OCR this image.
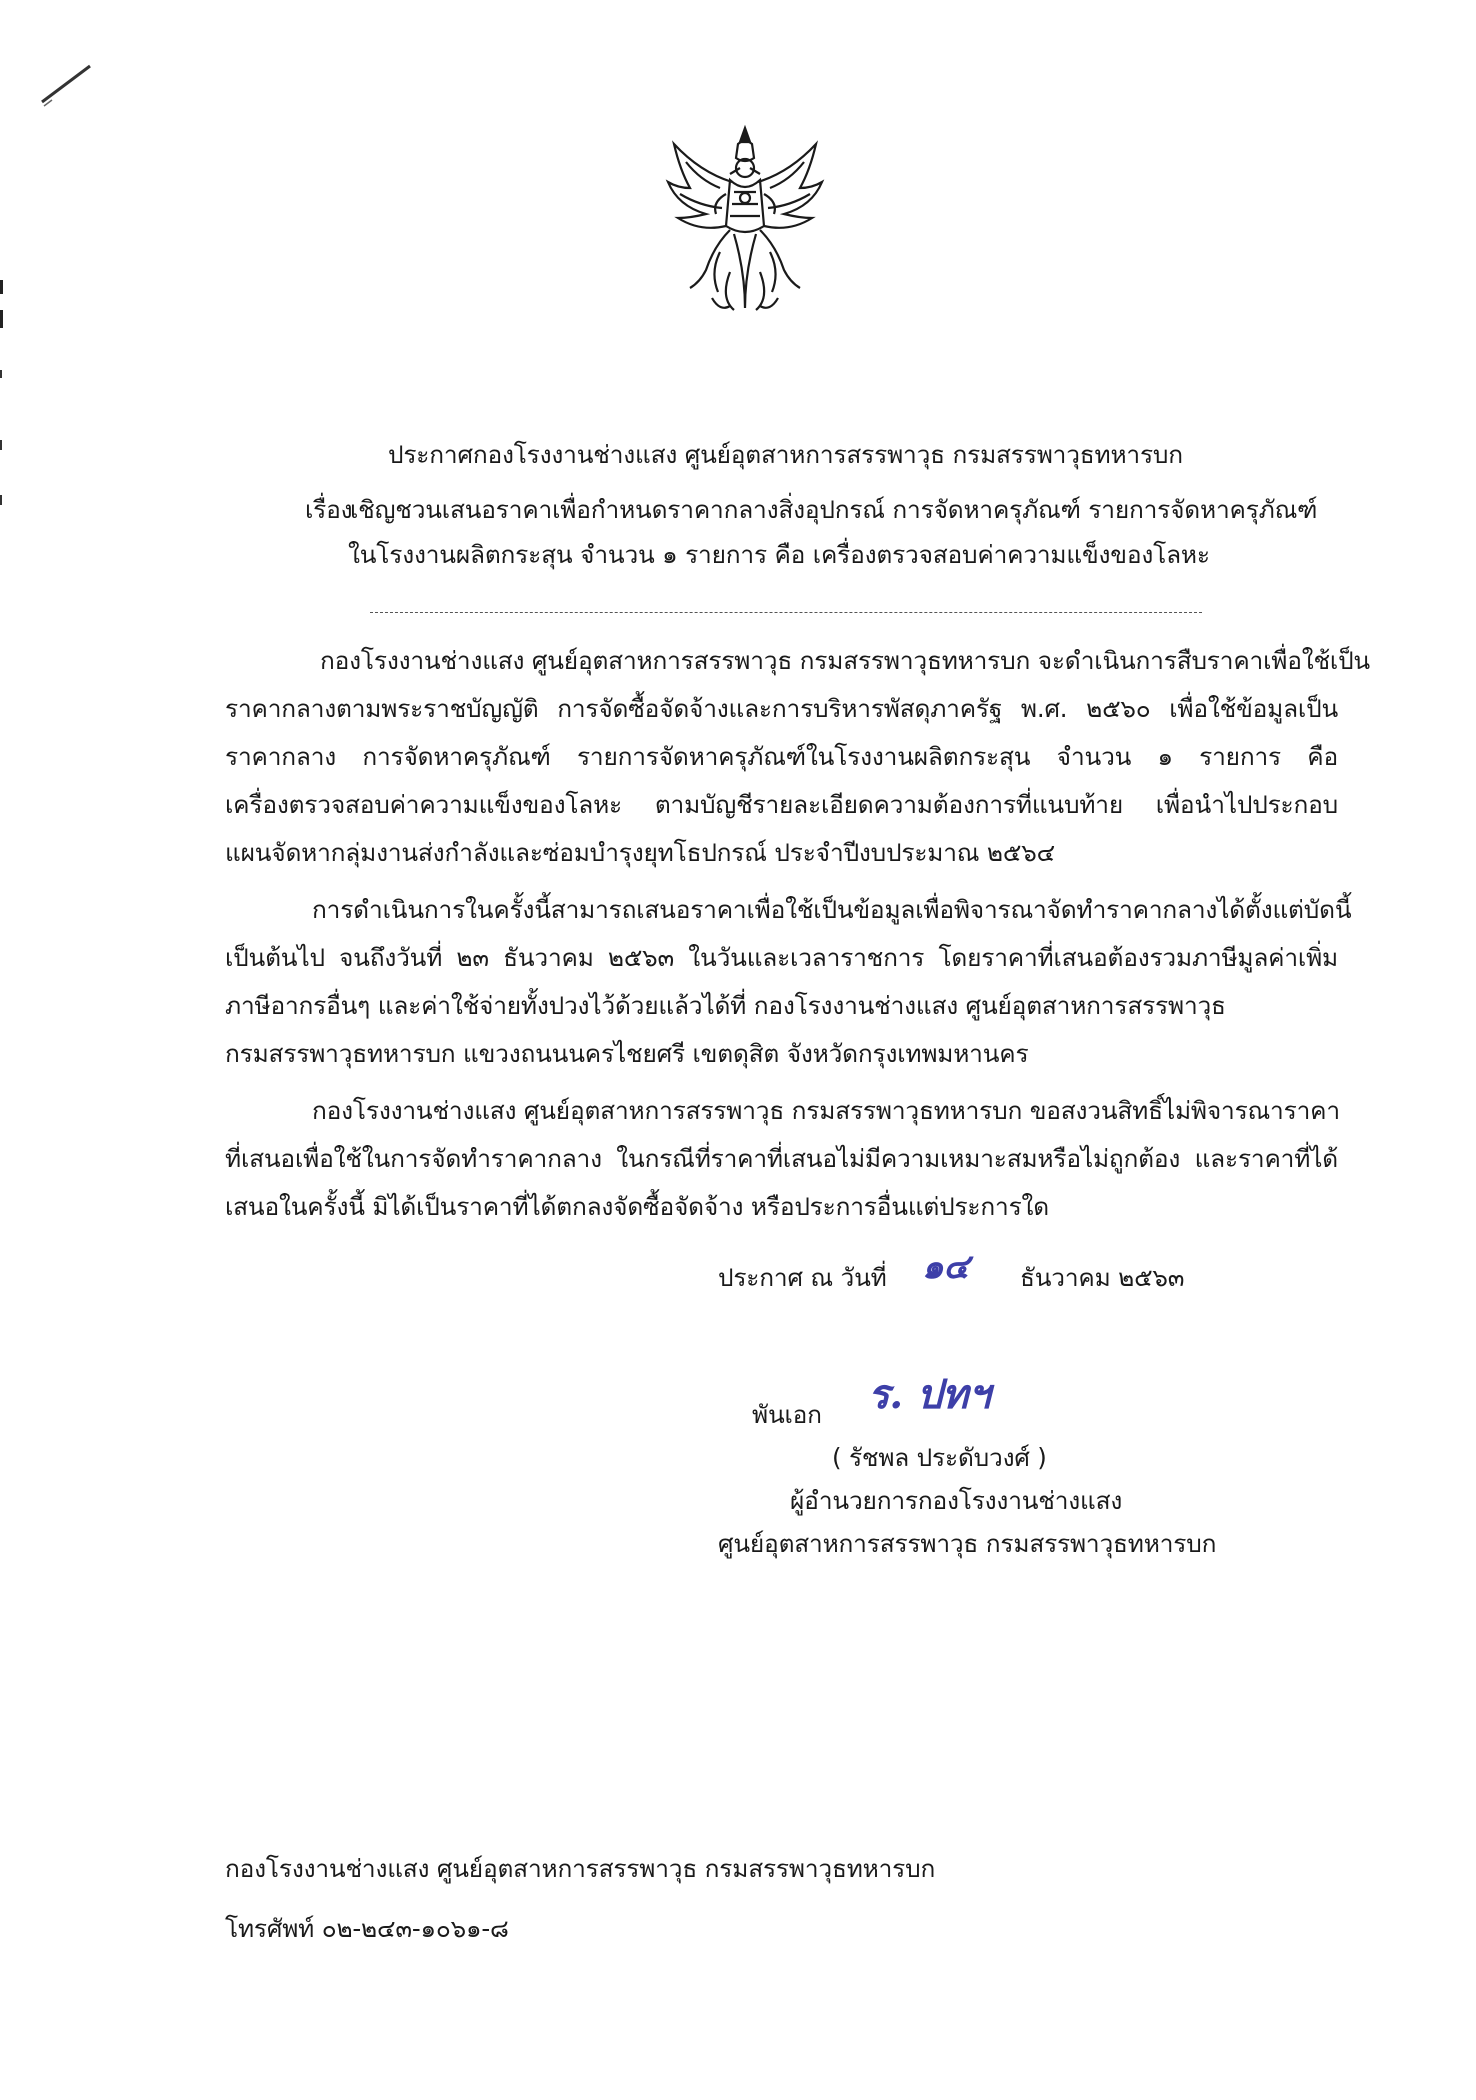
ประกาศกองโรงงานช่างแสง ศูนย์อุตสาหการสรรพาวุธ กรมสรรพาวุธทหารบก
เรื่อง
เชิญชวนเสนอราคาเพื่อกำหนดราคากลางสิ่งอุปกรณ์ การจัดหาครุภัณฑ์ รายการจัดหาครุภัณฑ์
ในโรงงานผลิตกระสุน จำนวน ๑ รายการ คือ เครื่องตรวจสอบค่าความแข็งของโลหะ
กองโรงงานช่างแสง ศูนย์อุตสาหการสรรพาวุธ กรมสรรพาวุธทหารบก จะดำเนินการสืบราคาเพื่อใช้เป็น
ราคากลางตามพระราชบัญญัติ การจัดซื้อจัดจ้างและการบริหารพัสดุภาครัฐ พ.ศ. ๒๕๖๐ เพื่อใช้ข้อมูลเป็น
ราคากลาง การจัดหาครุภัณฑ์ รายการจัดหาครุภัณฑ์ในโรงงานผลิตกระสุน จำนวน ๑ รายการ คือ
เครื่องตรวจสอบค่าความแข็งของโลหะ ตามบัญชีรายละเอียดความต้องการที่แนบท้าย เพื่อนำไปประกอบ
แผนจัดหากลุ่มงานส่งกำลังและซ่อมบำรุงยุทโธปกรณ์ ประจำปีงบประมาณ ๒๕๖๔
การดำเนินการในครั้งนี้สามารถเสนอราคาเพื่อใช้เป็นข้อมูลเพื่อพิจารณาจัดทำราคากลางได้ตั้งแต่บัดนี้
เป็นต้นไป จนถึงวันที่ ๒๓ ธันวาคม ๒๕๖๓ ในวันและเวลาราชการ โดยราคาที่เสนอต้องรวมภาษีมูลค่าเพิ่ม
ภาษีอากรอื่นๆ และค่าใช้จ่ายทั้งปวงไว้ด้วยแล้วได้ที่ กองโรงงานช่างแสง ศูนย์อุตสาหการสรรพาวุธ
กรมสรรพาวุธทหารบก แขวงถนนนครไชยศรี เขตดุสิต จังหวัดกรุงเทพมหานคร
กองโรงงานช่างแสง ศูนย์อุตสาหการสรรพาวุธ กรมสรรพาวุธทหารบก ขอสงวนสิทธิ์ไม่พิจารณาราคา
ที่เสนอเพื่อใช้ในการจัดทำราคากลาง ในกรณีที่ราคาที่เสนอไม่มีความเหมาะสมหรือไม่ถูกต้อง และราคาที่ได้
เสนอในครั้งนี้ มิได้เป็นราคาที่ได้ตกลงจัดซื้อจัดจ้าง หรือประการอื่นแต่ประการใด
ประกาศ ณ วันที่ ๑๔ ธันวาคม ๒๕๖๓
พันเอก ร. ปทฯ
( รัชพล ประดับวงศ์ )
ผู้อำนวยการกองโรงงานช่างแสง
ศูนย์อุตสาหการสรรพาวุธ กรมสรรพาวุธทหารบก
กองโรงงานช่างแสง ศูนย์อุตสาหการสรรพาวุธ กรมสรรพาวุธทหารบก
โทรศัพท์ ๐๒-๒๔๓-๑๐๖๑-๘
